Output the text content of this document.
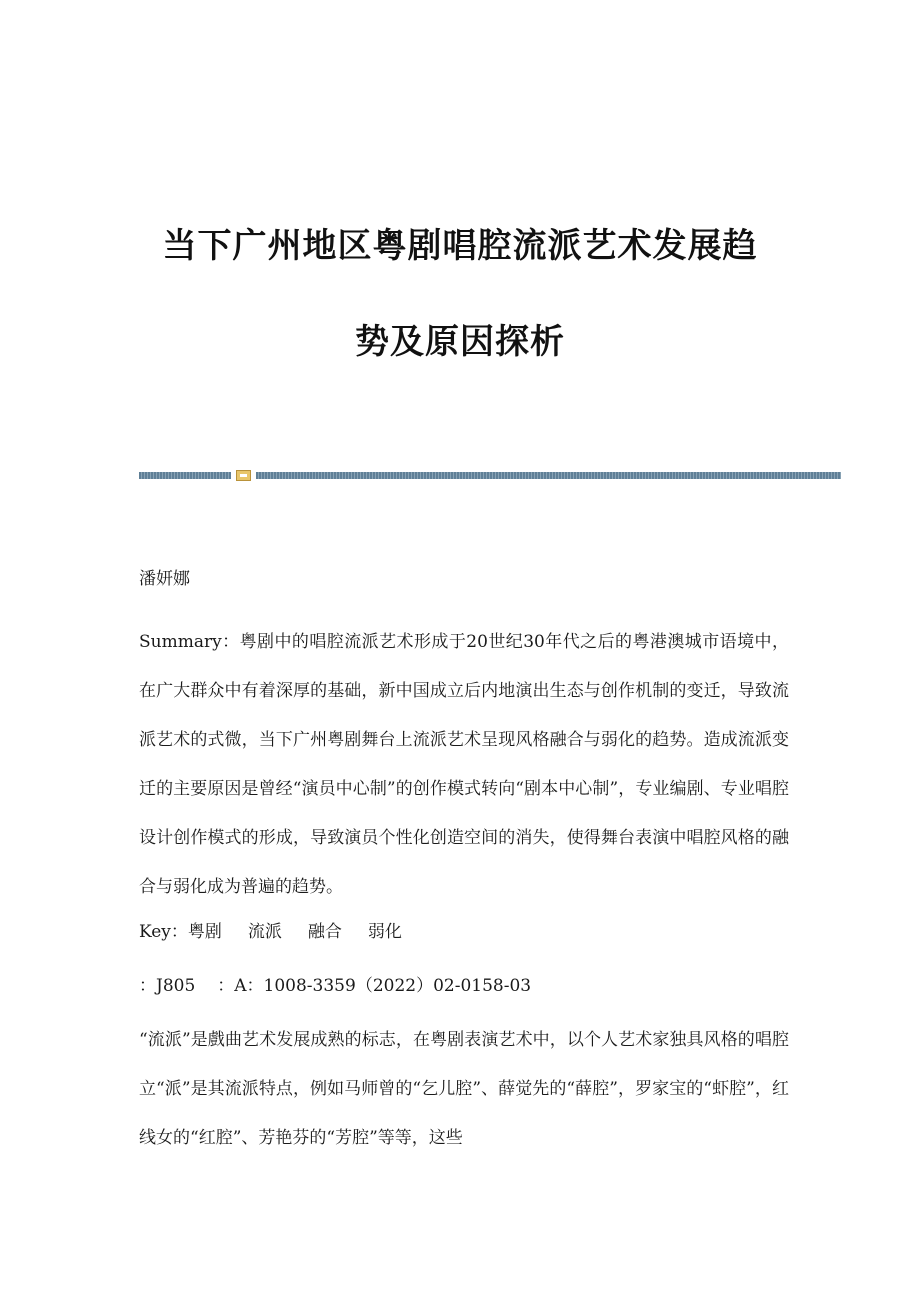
当下广州地区粤剧唱腔流派艺术发展趋
势及原因探析
潘妍娜
Summary：粤剧中的唱腔流派艺术形成于20世纪30年代之后的粤港澳城市语境中，在广大群众中有着深厚的基础，新中国成立后内地演出生态与创作机制的变迁，导致流派艺术的式微，当下广州粤剧舞台上流派艺术呈现风格融合与弱化的趋势。造成流派变迁的主要原因是曾经“演员中心制”的创作模式转向“剧本中心制”，专业编剧、专业唱腔设计创作模式的形成，导致演员个性化创造空间的消失，使得舞台表演中唱腔风格的融合与弱化成为普遍的趋势。
Key：粤剧 流派 融合 弱化
：J805 ：A：1008-3359（2022）02-0158-03
“流派”是戲曲艺术发展成熟的标志，在粤剧表演艺术中，以个人艺术家独具风格的唱腔立“派”是其流派特点，例如马师曾的“乞儿腔”、薛觉先的“薛腔”，罗家宝的“虾腔”，红线女的“红腔”、芳艳芬的“芳腔”等等，这些
